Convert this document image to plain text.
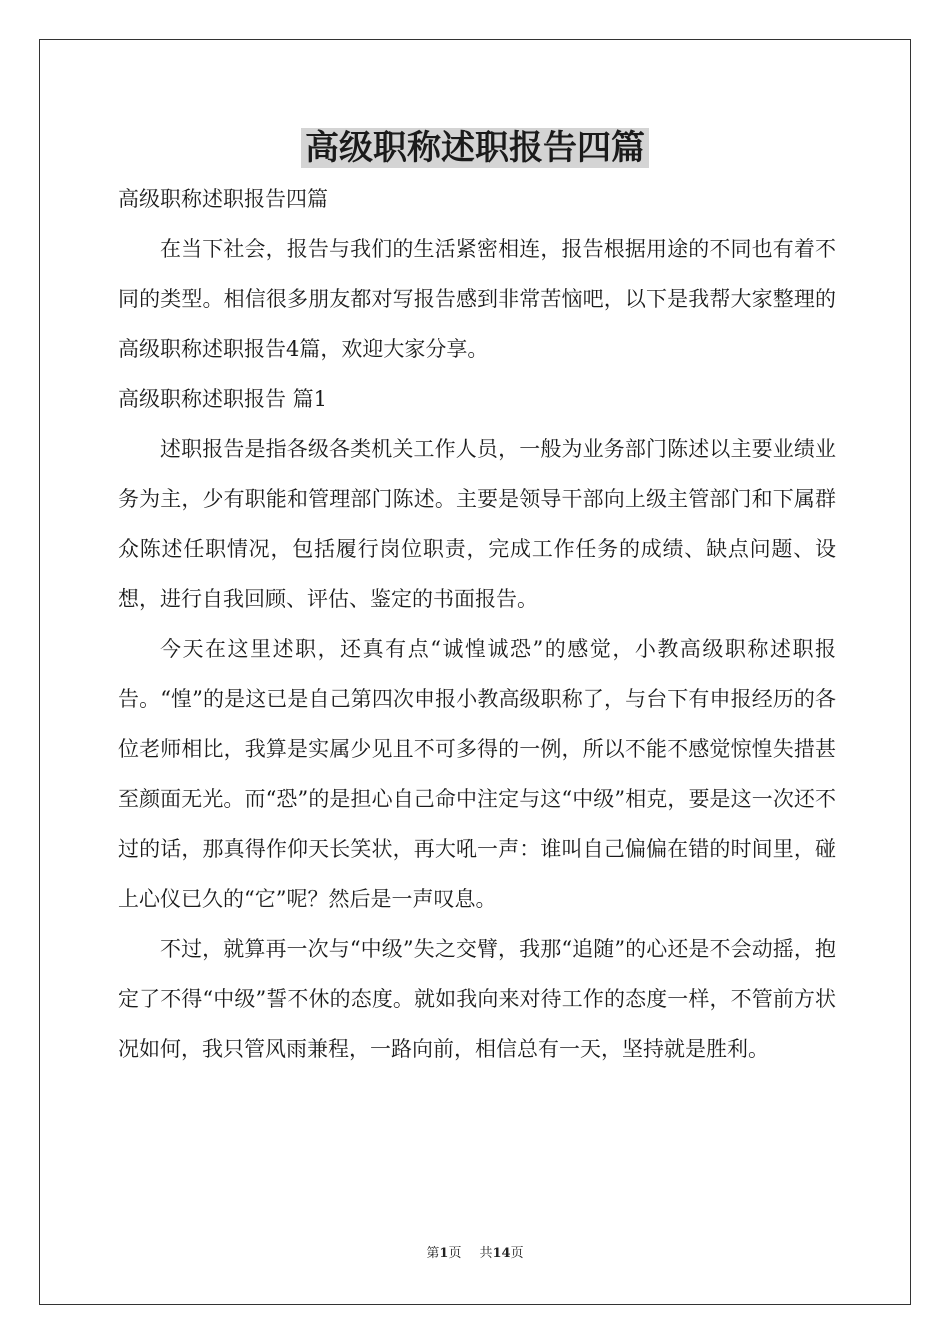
高级职称述职报告四篇

高级职称述职报告四篇

在当下社会，报告与我们的生活紧密相连，报告根据用途的不同也有着不同的类型。相信很多朋友都对写报告感到非常苦恼吧，以下是我帮大家整理的高级职称述职报告4篇，欢迎大家分享。

高级职称述职报告 篇1

述职报告是指各级各类机关工作人员，一般为业务部门陈述以主要业绩业务为主，少有职能和管理部门陈述。主要是领导干部向上级主管部门和下属群众陈述任职情况，包括履行岗位职责，完成工作任务的成绩、缺点问题、设想，进行自我回顾、评估、鉴定的书面报告。

今天在这里述职，还真有点“诚惶诚恐”的感觉，小教高级职称述职报告。“惶”的是这已是自己第四次申报小教高级职称了，与台下有申报经历的各位老师相比，我算是实属少见且不可多得的一例，所以不能不感觉惊惶失措甚至颜面无光。而“恐”的是担心自己命中注定与这“中级”相克，要是这一次还不过的话，那真得作仰天长笑状，再大吼一声：谁叫自己偏偏在错的时间里，碰上心仪已久的“它”呢？然后是一声叹息。

不过，就算再一次与“中级”失之交臂，我那“追随”的心还是不会动摇，抱定了不得“中级”誓不休的态度。就如我向来对待工作的态度一样，不管前方状况如何，我只管风雨兼程，一路向前，相信总有一天，坚持就是胜利。

第1页 共14页
